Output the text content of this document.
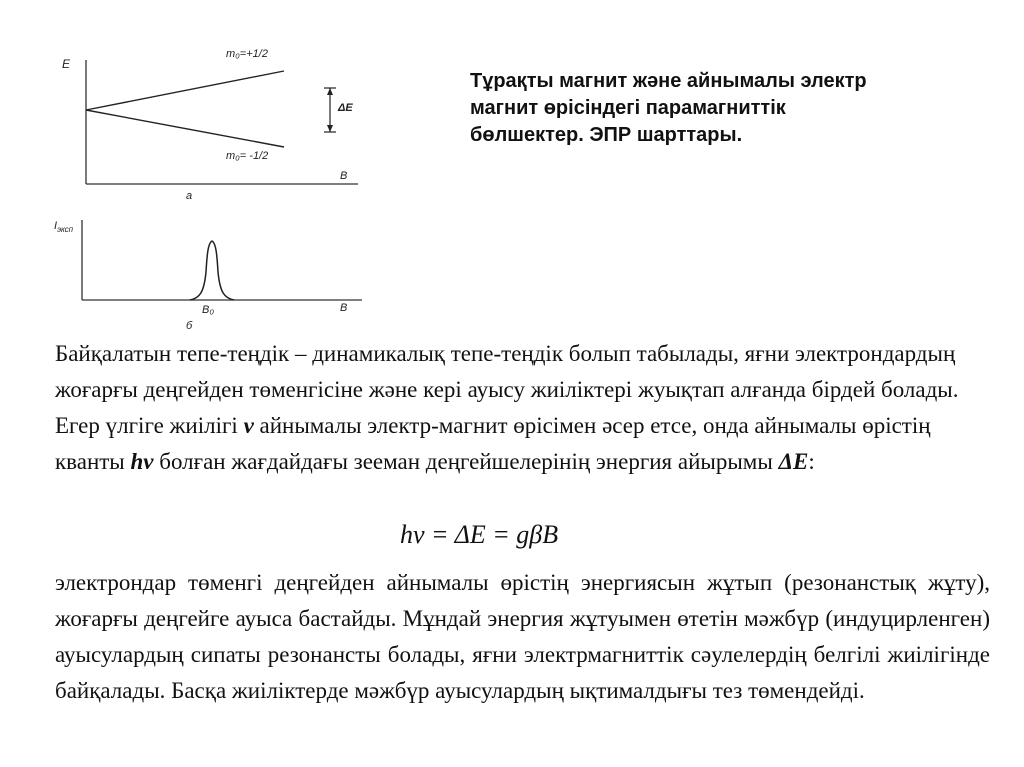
E
B
m₀=+1/2
m₀= -1/2
ΔE
a
$I_{эксп}$
B
B₀
б
Тұрақты магнит және айнымалы электр
магнит өрісіндегі парамагниттік
бөлшектер. ЭПР шарттары.
Байқалатын тепе-теңдік – динамикалық тепе-теңдік болып табылады, яғни электрондардың жоғарғы деңгейден төменгісіне және кері ауысу жиіліктері жуықтап алғанда бірдей болады. Егер үлгіге жиілігі ν айнымалы электр-магнит өрісімен әсер етсе, онда айнымалы өрістің кванты hν болған жағдайдағы зееман деңгейшелерінің энергия айырымы ΔE:
hν = ΔE = gβB
электрондар төменгі деңгейден айнымалы өрістің энергиясын жұтып (резонанстық жұту), жоғарғы деңгейге ауыса бастайды. Мұндай энергия жұтуымен өтетін мәжбүр (индуцирленген) ауысулардың сипаты резонансты болады, яғни электрмагниттік сәулелердің белгілі жиілігінде байқалады. Басқа жиіліктерде мәжбүр ауысулардың ықтималдығы тез төмендейді.
